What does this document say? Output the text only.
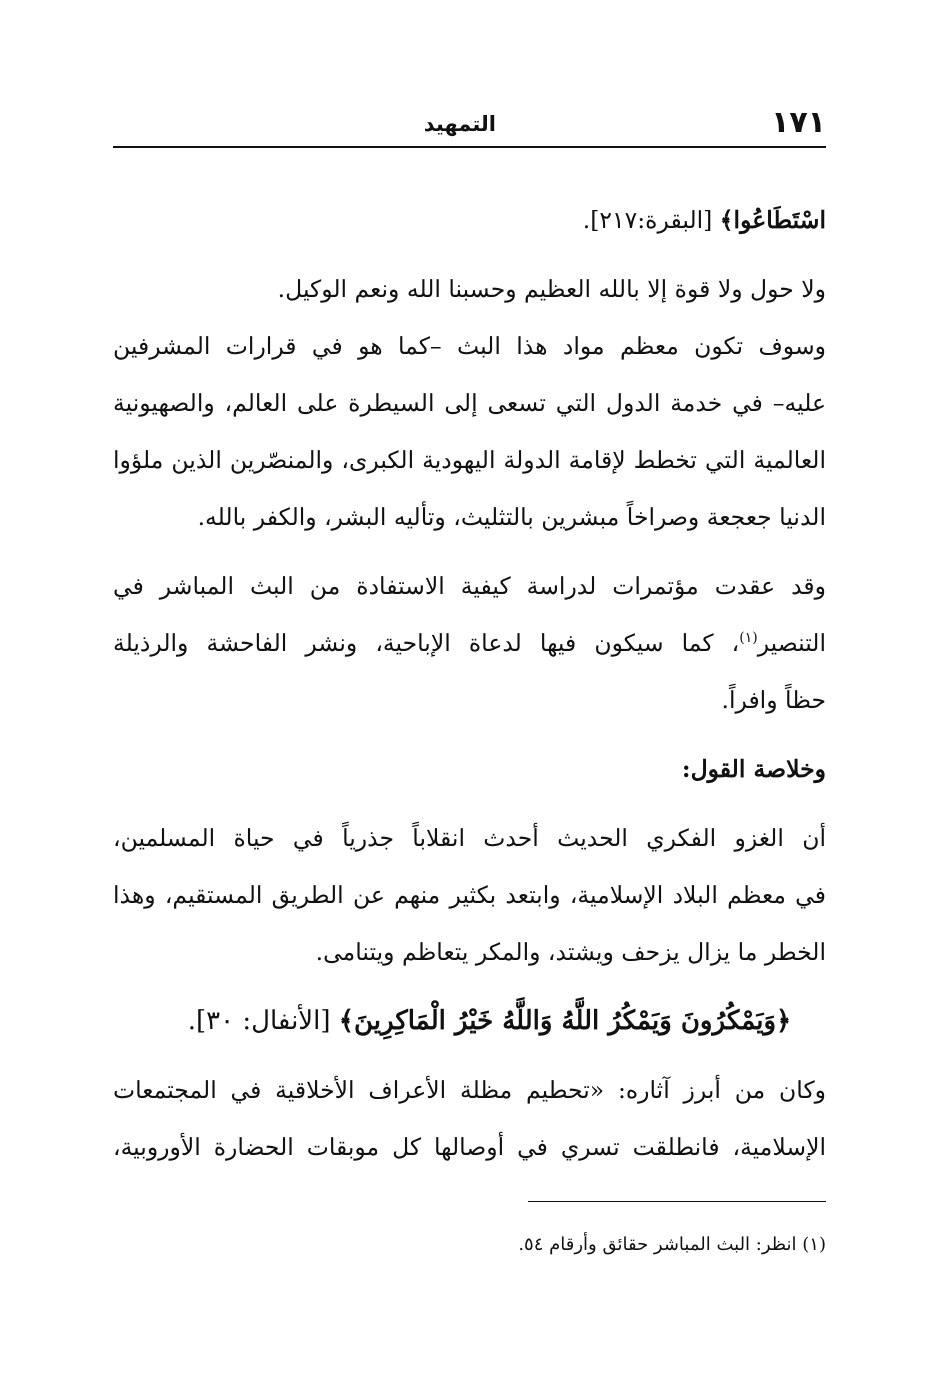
١٧١
التمهيد
اسْتَطَاعُوا﴾ [البقرة:٢١٧].
ولا حول ولا قوة إلا بالله العظيم وحسبنا الله ونعم الوكيل.
وسوف تكون معظم مواد هذا البث –كما هو في قرارات المشرفين
عليه– في خدمة الدول التي تسعى إلى السيطرة على العالم، والصهيونية
العالمية التي تخطط لإقامة الدولة اليهودية الكبرى، والمنصّرين الذين ملؤوا
الدنيا جعجعة وصراخاً مبشرين بالتثليث، وتأليه البشر، والكفر بالله.
وقد عقدت مؤتمرات لدراسة كيفية الاستفادة من البث المباشر في
التنصير$^{(١)}$، كما سيكون فيها لدعاة الإباحية، ونشر الفاحشة والرذيلة
حظاً وافراً.
وخلاصة القول:
أن الغزو الفكري الحديث أحدث انقلاباً جذرياً في حياة المسلمين،
في معظم البلاد الإسلامية، وابتعد بكثير منهم عن الطريق المستقيم، وهذا
الخطر ما يزال يزحف ويشتد، والمكر يتعاظم ويتنامى.
﴿وَيَمْكُرُونَ وَيَمْكُرُ اللَّهُ وَاللَّهُ خَيْرُ الْمَاكِرِينَ﴾ [الأنفال: ٣٠].
وكان من أبرز آثاره: «تحطيم مظلة الأعراف الأخلاقية في المجتمعات
الإسلامية، فانطلقت تسري في أوصالها كل موبقات الحضارة الأوروبية،
(١) انظر: البث المباشر حقائق وأرقام ٥٤.
